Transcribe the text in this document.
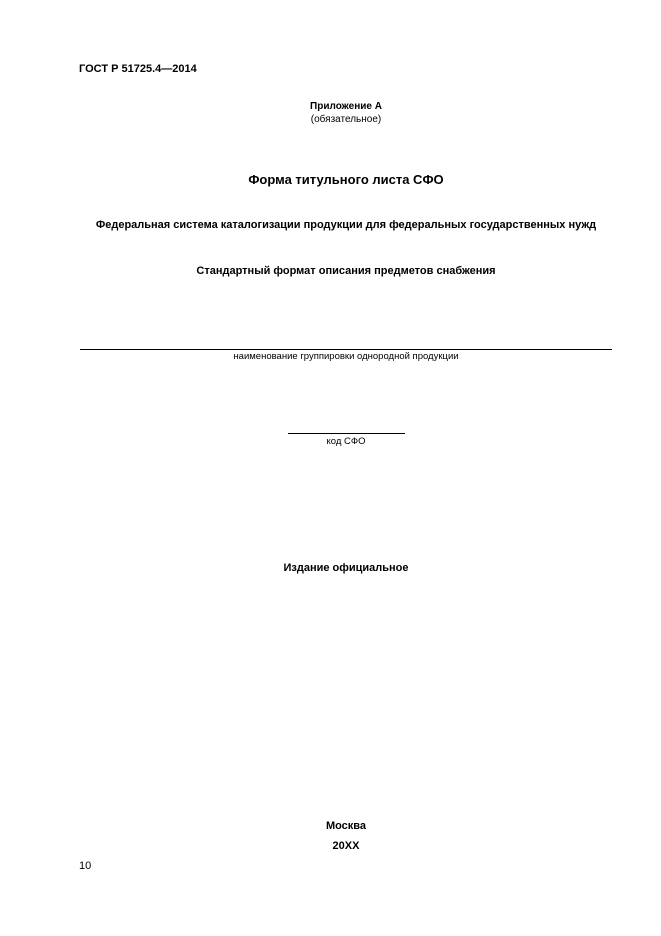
ГОСТ Р 51725.4—2014
Приложение А
(обязательное)
Форма титульного листа СФО
Федеральная система каталогизации продукции для федеральных государственных нужд
Стандартный формат описания предметов снабжения
наименование группировки однородной продукции
код СФО
Издание официальное
Москва
20XX
10
